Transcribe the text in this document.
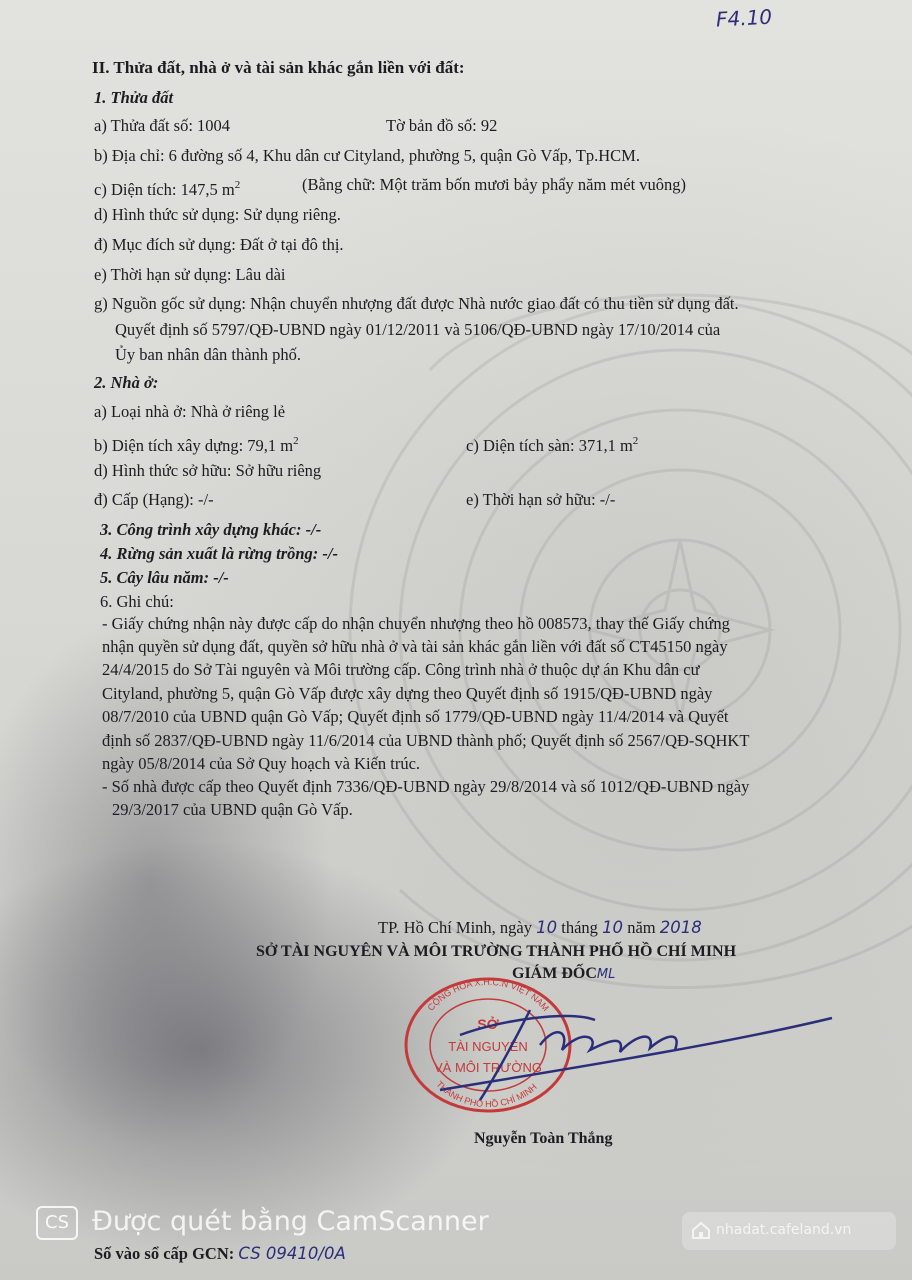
F4.10
II. Thửa đất, nhà ở và tài sản khác gắn liền với đất:
1. Thửa đất
a) Thửa đất số: 1004	Tờ bản đồ số: 92
b) Địa chỉ: 6 đường số 4, Khu dân cư Cityland, phường 5, quận Gò Vấp, Tp.HCM.
c) Diện tích: 147,5 $m^2$	(Bằng chữ: Một trăm bốn mươi bảy phẩy năm mét vuông)
d) Hình thức sử dụng: Sử dụng riêng.
đ) Mục đích sử dụng: Đất ở tại đô thị.
e) Thời hạn sử dụng: Lâu dài
g) Nguồn gốc sử dụng: Nhận chuyển nhượng đất được Nhà nước giao đất có thu tiền sử dụng đất.
Quyết định số 5797/QĐ-UBND ngày 01/12/2011 và 5106/QĐ-UBND ngày 17/10/2014 của
Ủy ban nhân dân thành phố.
2. Nhà ở:
a) Loại nhà ở: Nhà ở riêng lẻ
b) Diện tích xây dựng: 79,1 $m^2$	c) Diện tích sàn: 371,1 $m^2$
d) Hình thức sở hữu: Sở hữu riêng
đ) Cấp (Hạng): -/-	e) Thời hạn sở hữu: -/-
3. Công trình xây dựng khác: -/-
4. Rừng sản xuất là rừng trồng: -/-
5. Cây lâu năm: -/-
6. Ghi chú:
- Giấy chứng nhận này được cấp do nhận chuyển nhượng theo hồ 008573, thay thế Giấy chứng
nhận quyền sử dụng đất, quyền sở hữu nhà ở và tài sản khác gắn liền với đất số CT45150 ngày
24/4/2015 do Sở Tài nguyên và Môi trường cấp. Công trình nhà ở thuộc dự án Khu dân cư
Cityland, phường 5, quận Gò Vấp được xây dựng theo Quyết định số 1915/QĐ-UBND ngày
08/7/2010 của UBND quận Gò Vấp; Quyết định số 1779/QĐ-UBND ngày 11/4/2014 và Quyết
định số 2837/QĐ-UBND ngày 11/6/2014 của UBND thành phố; Quyết định số 2567/QĐ-SQHKT
ngày 05/8/2014 của Sở Quy hoạch và Kiến trúc.
- Số nhà được cấp theo Quyết định 7336/QĐ-UBND ngày 29/8/2014 và số 1012/QĐ-UBND ngày
29/3/2017 của UBND quận Gò Vấp.
TP. Hồ Chí Minh, ngày 10 tháng 10 năm 2018
SỞ TÀI NGUYÊN VÀ MÔI TRƯỜNG THÀNH PHỐ HỒ CHÍ MINH
GIÁM ĐỐCML
CỘNG HÒA X.H.C.N VIỆT NAM
THÀNH PHỐ HỒ CHÍ MINH
SỞ
TÀI NGUYÊN
VÀ MÔI TRƯỜNG
Nguyễn Toàn Thắng
CS Được quét bằng CamScanner	nhadat.cafeland.vn
Số vào sổ cấp GCN: CS 09410/0A
